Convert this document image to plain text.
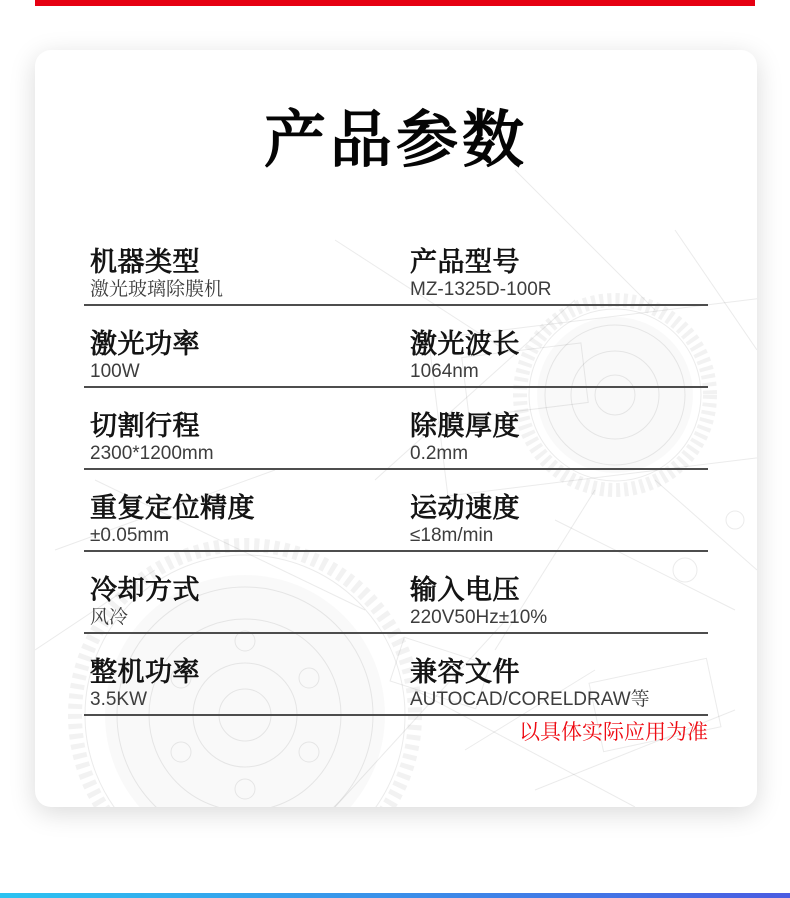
产品参数
机器类型
激光玻璃除膜机
产品型号
MZ-1325D-100R
激光功率
100W
激光波长
1064nm
切割行程
2300*1200mm
除膜厚度
0.2mm
重复定位精度
±0.05mm
运动速度
≤18m/min
冷却方式
风冷
输入电压
220V50Hz±10%
整机功率
3.5KW
兼容文件
AUTOCAD/CORELDRAW等
以具体实际应用为准
